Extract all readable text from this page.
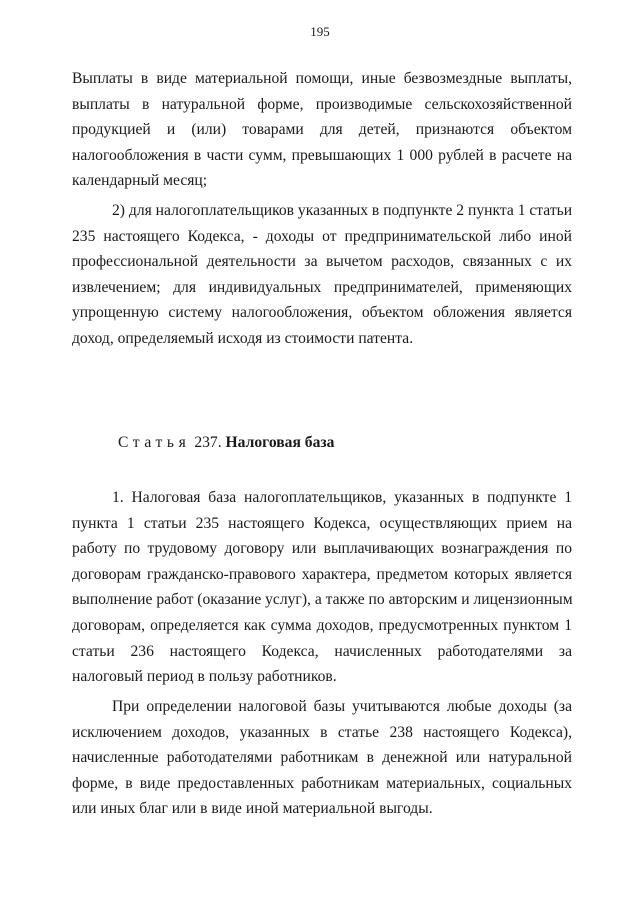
195
Выплаты в виде материальной помощи, иные безвозмездные выплаты,
выплаты в натуральной форме, производимые сельскохозяйственной
продукцией и (или) товарами для детей, признаются объектом
налогообложения в части сумм, превышающих 1 000 рублей в расчете на
календарный месяц;
2) для налогоплательщиков указанных в подпункте 2 пункта 1 статьи
235 настоящего Кодекса, - доходы от предпринимательской либо иной
профессиональной деятельности за вычетом расходов, связанных с их
извлечением; для индивидуальных предпринимателей, применяющих
упрощенную систему налогообложения, объектом обложения является
доход, определяемый исходя из стоимости патента.
Статья 237. Налоговая база
1. Налоговая база налогоплательщиков, указанных в подпункте 1
пункта 1 статьи 235 настоящего Кодекса, осуществляющих прием на
работу по трудовому договору или выплачивающих вознаграждения по
договорам гражданско-правового характера, предметом которых является
выполнение работ (оказание услуг), а также по авторским и лицензионным
договорам, определяется как сумма доходов, предусмотренных пунктом 1
статьи 236 настоящего Кодекса, начисленных работодателями за
налоговый период в пользу работников.
При определении налоговой базы учитываются любые доходы (за
исключением доходов, указанных в статье 238 настоящего Кодекса),
начисленные работодателями работникам в денежной или натуральной
форме, в виде предоставленных работникам материальных, социальных
или иных благ или в виде иной материальной выгоды.
